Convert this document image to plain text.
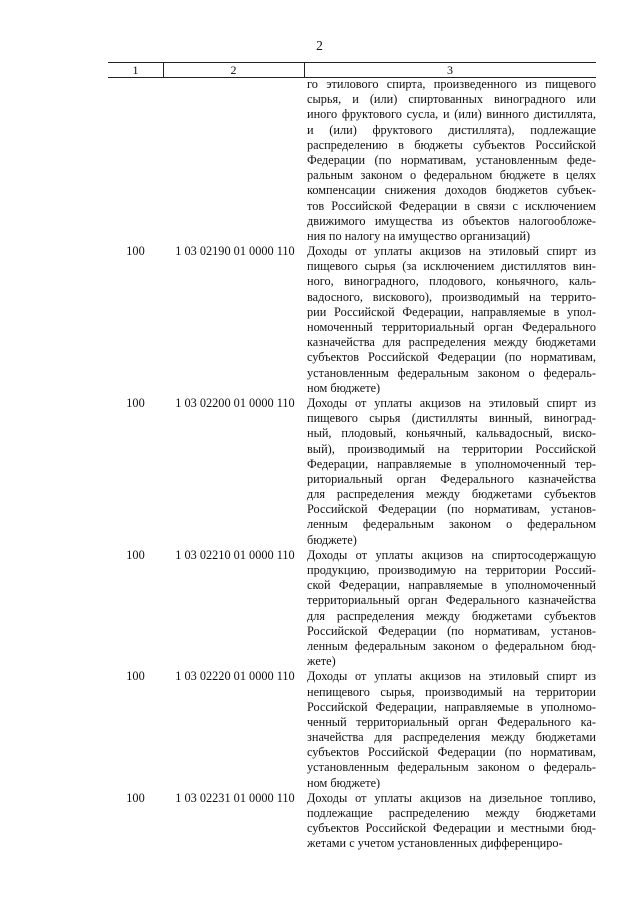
2
1	2	3
го этилового спирта, произведенного из пищевого
сырья, и (или) спиртованных виноградного или
иного фруктового сусла, и (или) винного дистиллята,
и (или) фруктового дистиллята), подлежащие
распределению в бюджеты субъектов Российской
Федерации (по нормативам, установленным феде-
ральным законом о федеральном бюджете в целях
компенсации снижения доходов бюджетов субъек-
тов Российской Федерации в связи с исключением
движимого имущества из объектов налогообложе-
ния по налогу на имущество организаций)
100	1 03 02190 01 0000 110 Доходы от уплаты акцизов на этиловый спирт из
пищевого сырья (за исключением дистиллятов вин-
ного, виноградного, плодового, коньячного, каль-
вадосного, вискового), производимый на террито-
рии Российской Федерации, направляемые в упол-
номоченный территориальный орган Федерального
казначейства для распределения между бюджетами
субъектов Российской Федерации (по нормативам,
установленным федеральным законом о федераль-
ном бюджете)
100	1 03 02200 01 0000 110 Доходы от уплаты акцизов на этиловый спирт из
пищевого сырья (дистилляты винный, виноград-
ный, плодовый, коньячный, кальвадосный, виско-
вый), производимый на территории Российской
Федерации, направляемые в уполномоченный тер-
риториальный орган Федерального казначейства
для распределения между бюджетами субъектов
Российской Федерации (по нормативам, установ-
ленным федеральным законом о федеральном
бюджете)
100	1 03 02210 01 0000 110 Доходы от уплаты акцизов на спиртосодержащую
продукцию, производимую на территории Россий-
ской Федерации, направляемые в уполномоченный
территориальный орган Федерального казначейства
для распределения между бюджетами субъектов
Российской Федерации (по нормативам, установ-
ленным федеральным законом о федеральном бюд-
жете)
100	1 03 02220 01 0000 110 Доходы от уплаты акцизов на этиловый спирт из
непищевого сырья, производимый на территории
Российской Федерации, направляемые в уполномо-
ченный территориальный орган Федерального ка-
значейства для распределения между бюджетами
субъектов Российской Федерации (по нормативам,
установленным федеральным законом о федераль-
ном бюджете)
100	1 03 02231 01 0000 110 Доходы от уплаты акцизов на дизельное топливо,
подлежащие распределению между бюджетами
субъектов Российской Федерации и местными бюд-
жетами с учетом установленных дифференциро-
